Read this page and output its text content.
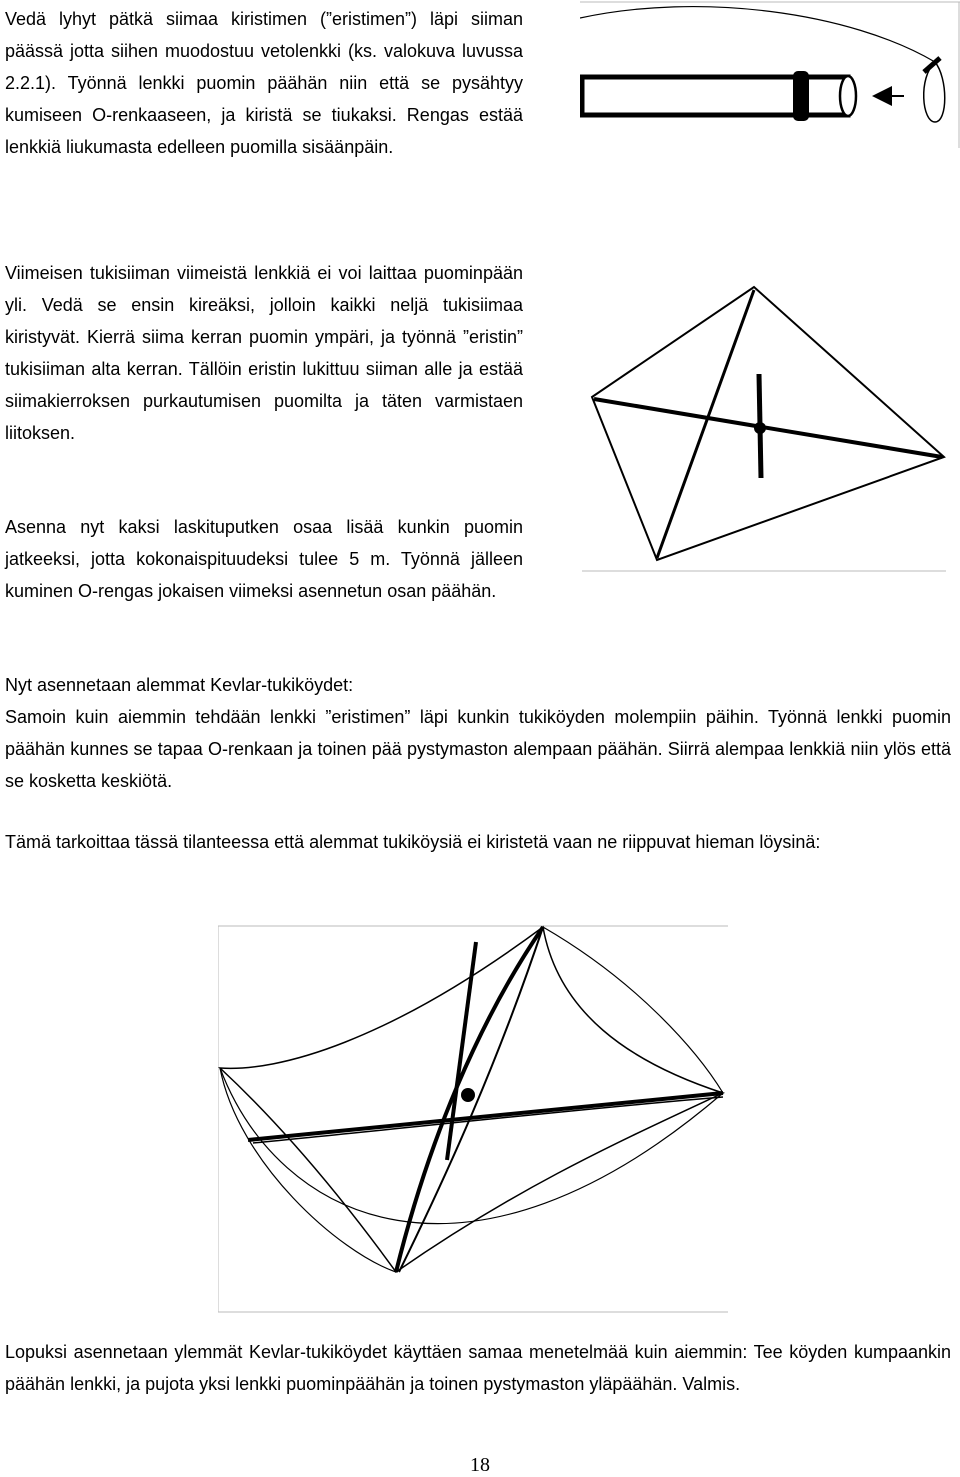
Vedä lyhyt pätkä siimaa kiristimen (”eristimen”) läpi siiman päässä jotta siihen muodostuu vetolenkki (ks. valokuva luvussa 2.2.1). Työnnä lenkki puomin päähän niin että se pysähtyy kumiseen O-renkaaseen, ja kiristä se tiukaksi. Rengas estää lenkkiä liukumasta edelleen puomilla sisäänpäin.

Viimeisen tukisiiman viimeistä lenkkiä ei voi laittaa puominpään yli. Vedä se ensin kireäksi, jolloin kaikki neljä tukisiimaa kiristyvät. Kierrä siima kerran puomin ympäri, ja työnnä ”eristin” tukisiiman alta kerran. Tällöin eristin lukittuu siiman alle ja estää siimakierroksen purkautumisen puomilta ja täten varmistaen liitoksen.

Asenna nyt kaksi laskituputken osaa lisää kunkin puomin jatkeeksi, jotta kokonaispituudeksi tulee 5 m. Työnnä jälleen kuminen O-rengas jokaisen viimeksi asennetun osan päähän.

Nyt asennetaan alemmat Kevlar-tukiköydet:

Samoin kuin aiemmin tehdään lenkki ”eristimen” läpi kunkin tukiköyden molempiin päihin. Työnnä lenkki puomin päähän kunnes se tapaa O-renkaan ja toinen pää pystymaston alempaan päähän. Siirrä alempaa lenkkiä niin ylös että se kosketta keskiötä.

Tämä tarkoittaa tässä tilanteessa että alemmat tukiköysiä ei kiristetä vaan ne riippuvat hieman löysinä:

Lopuksi asennetaan ylemmät Kevlar-tukiköydet käyttäen samaa menetelmää kuin aiemmin: Tee köyden kumpaankin päähän lenkki, ja pujota yksi lenkki puominpäähän ja toinen pystymaston yläpäähän. Valmis.

18
